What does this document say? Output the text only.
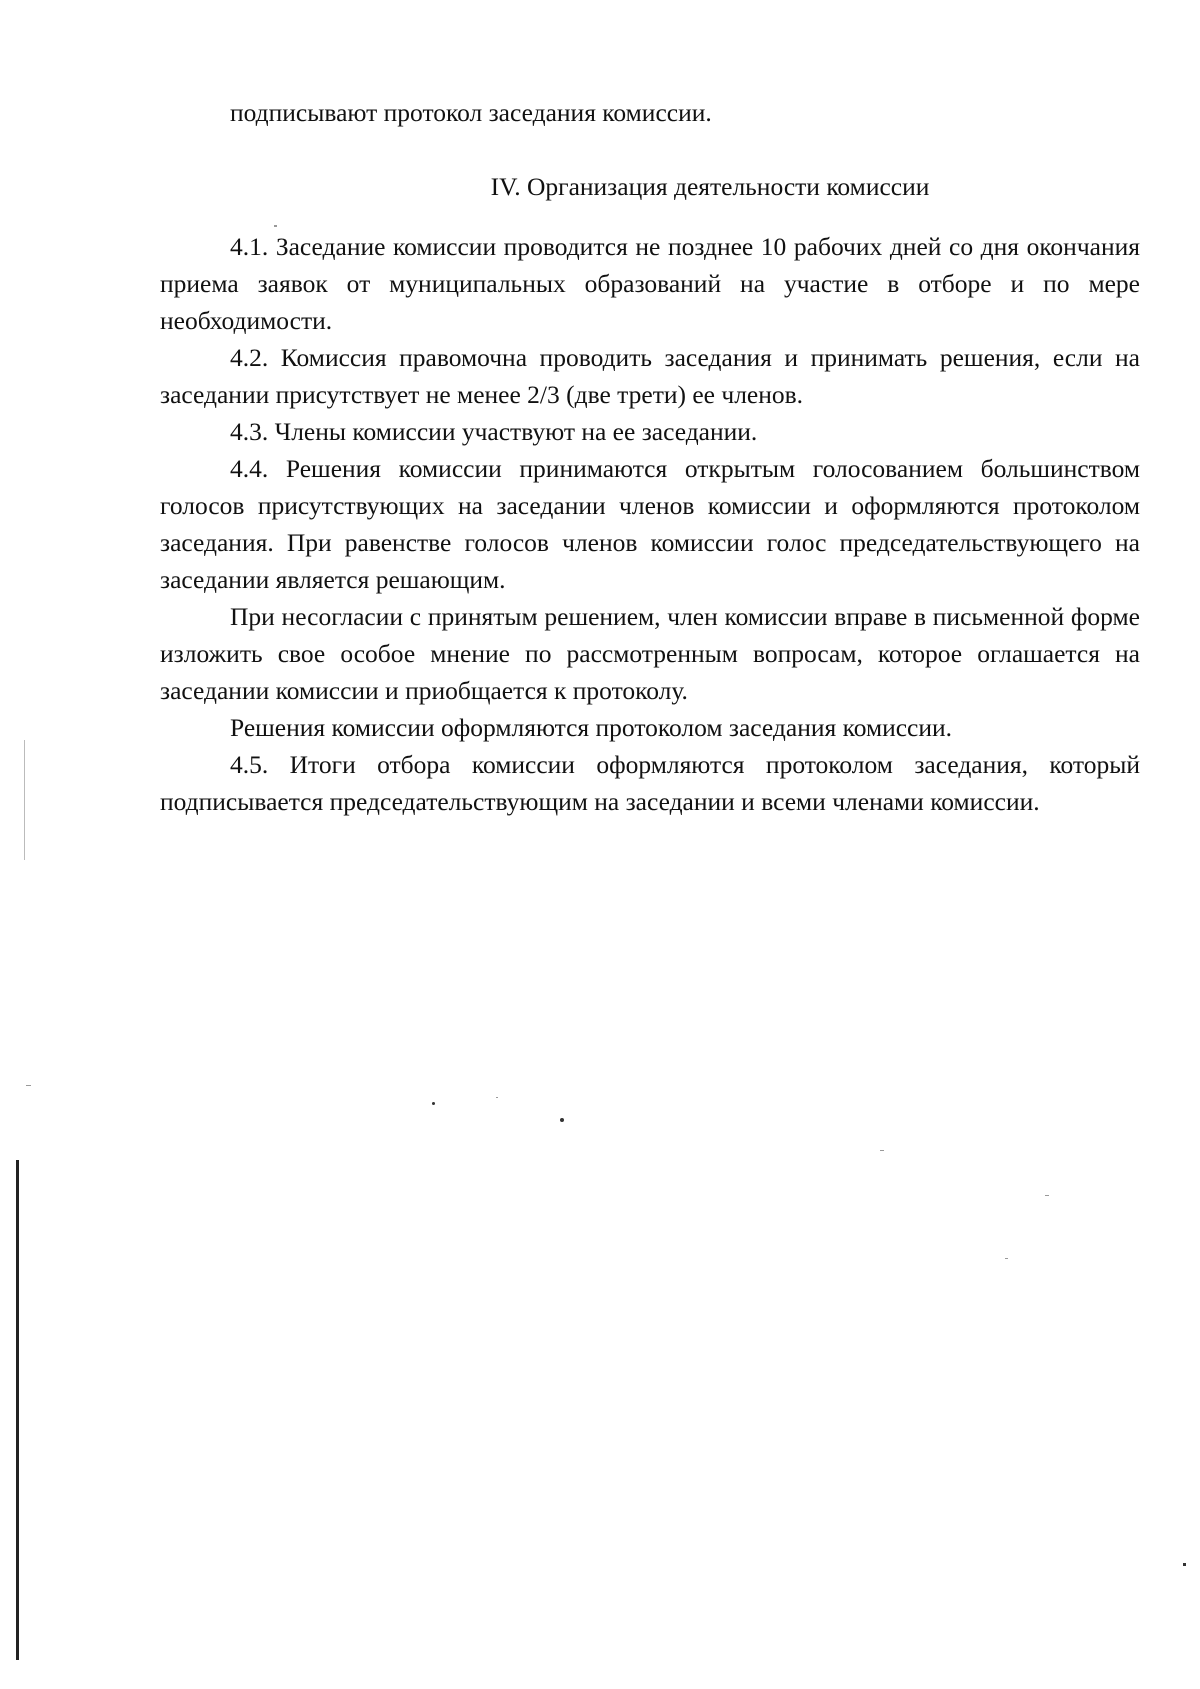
подписывают протокол заседания комиссии.
IV. Организация деятельности комиссии

4.1. Заседание комиссии проводится не позднее 10 рабочих дней со дня окончания приема заявок от муниципальных образований на участие в отборе и по мере необходимости.

4.2. Комиссия правомочна проводить заседания и принимать решения, если на заседании присутствует не менее 2/3 (две трети) ее членов.

4.3. Члены комиссии участвуют на ее заседании.

4.4. Решения комиссии принимаются открытым голосованием большинством голосов присутствующих на заседании членов комиссии и оформляются протоколом заседания. При равенстве голосов членов комиссии голос председательствующего на заседании является решающим.

При несогласии с принятым решением, член комиссии вправе в письменной форме изложить свое особое мнение по рассмотренным вопросам, которое оглашается на заседании комиссии и приобщается к протоколу.

Решения комиссии оформляются протоколом заседания комиссии.

4.5. Итоги отбора комиссии оформляются протоколом заседания, который подписывается председательствующим на заседании и всеми членами комиссии.
